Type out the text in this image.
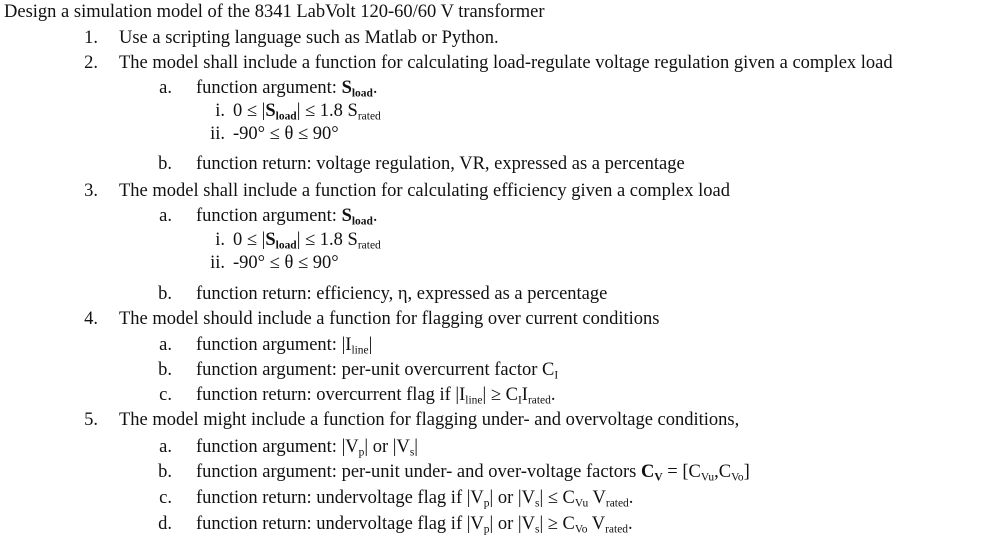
Design a simulation model of the 8341 LabVolt 120-60/60 V transformer
1. Use a scripting language such as Matlab or Python.
2. The model shall include a function for calculating load-regulate voltage regulation given a complex load
a. function argument: $S_{load}$.
i. $0 \le |S_{load}| \le 1.8$ $S_{rated}$
ii. -90° ≤ θ ≤ 90°
b. function return: voltage regulation, VR, expressed as a percentage
3. The model shall include a function for calculating efficiency given a complex load
a. function argument: $S_{load}$.
i. $0 \le |S_{load}| \le 1.8$ $S_{rated}$
ii. -90° ≤ θ ≤ 90°
b. function return: efficiency, η, expressed as a percentage
4. The model should include a function for flagging over current conditions
a. function argument: $|I_{line}|$
b. function argument: per-unit overcurrent factor $C_I$
c. function return: overcurrent flag if $|I_{line}| \ge C_II_{rated}$.
5. The model might include a function for flagging under- and overvoltage conditions,
a. function argument: $|V_p|$ or $|V_s|$
b. function argument: per-unit under- and over-voltage factors $C_V = [C_{Vu},C_{Vo}]$
c. function return: undervoltage flag if $|V_p|$ or $|V_s| \le C_{Vu}$ $V_{rated}$.
d. function return: undervoltage flag if $|V_p|$ or $|V_s| \ge C_{Vo}$ $V_{rated}$.
